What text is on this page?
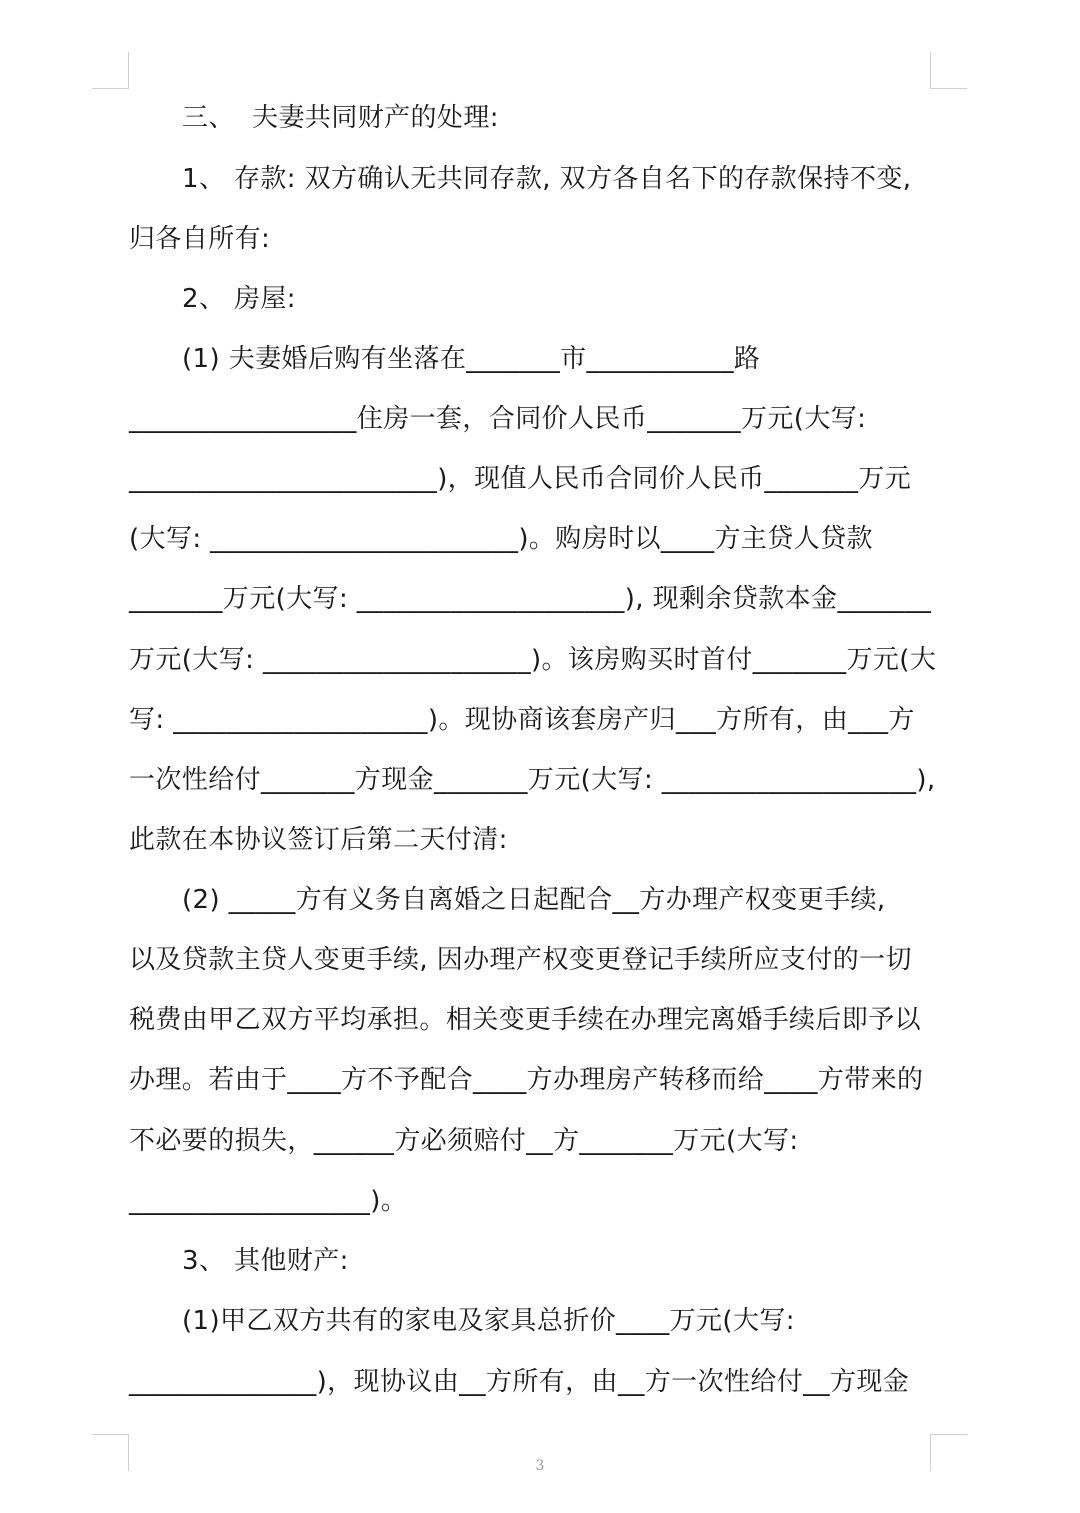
三、  夫妻共同财产的处理:
1、 存款: 双方确认无共同存款, 双方各自名下的存款保持不变,
归各自所有:
2、 房屋:
(1) 夫妻婚后购有坐落在_______市___________路
_________________住房一套，合同价人民币_______万元(大写:
_______________________)，现值人民币合同价人民币_______万元
(大写: _______________________)。购房时以____方主贷人贷款
_______万元(大写: ____________________), 现剩余贷款本金_______
万元(大写: ____________________)。该房购买时首付_______万元(大
写: ___________________)。现协商该套房产归___方所有，由___方
一次性给付_______方现金_______万元(大写: ___________________),
此款在本协议签订后第二天付清:
(2) _____方有义务自离婚之日起配合__方办理产权变更手续,
以及贷款主贷人变更手续, 因办理产权变更登记手续所应支付的一切
税费由甲乙双方平均承担。相关变更手续在办理完离婚手续后即予以
办理。若由于____方不予配合____方办理房产转移而给____方带来的
不必要的损失，______方必须赔付__方_______万元(大写:
__________________)。
3、 其他财产:
(1)甲乙双方共有的家电及家具总折价____万元(大写:
______________)，现协议由__方所有，由__方一次性给付__方现金
3
